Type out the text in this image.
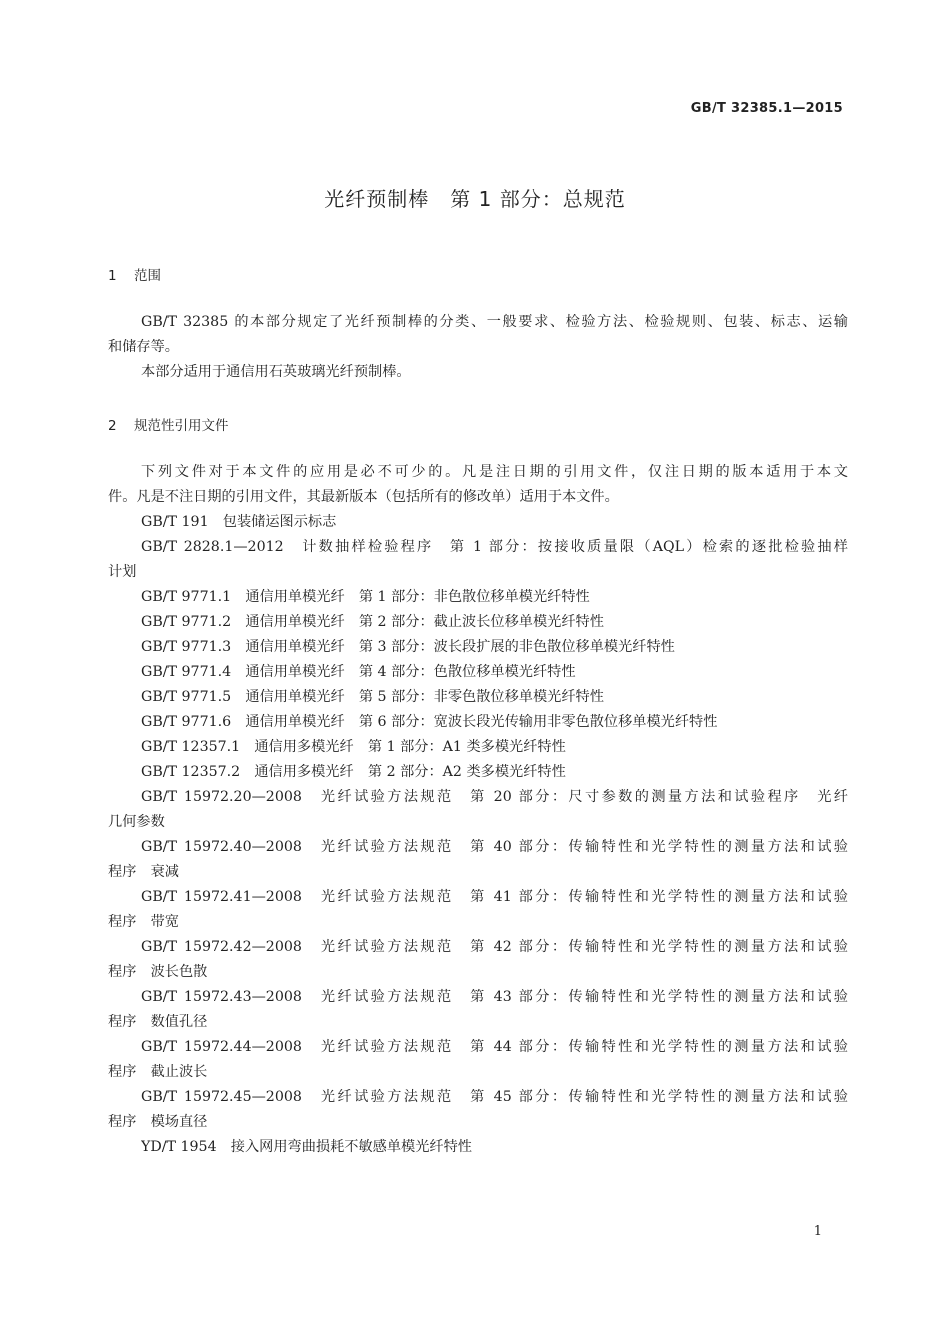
GB/T 32385.1—2015
光纤预制棒　第 1 部分：总规范
1 范围
GB/T 32385 的本部分规定了光纤预制棒的分类、一般要求、检验方法、检验规则、包装、标志、运输
和储存等。
本部分适用于通信用石英玻璃光纤预制棒。
2 规范性引用文件
下列文件对于本文件的应用是必不可少的。凡是注日期的引用文件，仅注日期的版本适用于本文
件。凡是不注日期的引用文件，其最新版本（包括所有的修改单）适用于本文件。
GB/T 191　包装储运图示标志
GB/T 2828.1—2012　计数抽样检验程序　第 1 部分：按接收质量限（AQL）检索的逐批检验抽样
计划
GB/T 9771.1　通信用单模光纤　第 1 部分：非色散位移单模光纤特性
GB/T 9771.2　通信用单模光纤　第 2 部分：截止波长位移单模光纤特性
GB/T 9771.3　通信用单模光纤　第 3 部分：波长段扩展的非色散位移单模光纤特性
GB/T 9771.4　通信用单模光纤　第 4 部分：色散位移单模光纤特性
GB/T 9771.5　通信用单模光纤　第 5 部分：非零色散位移单模光纤特性
GB/T 9771.6　通信用单模光纤　第 6 部分：宽波长段光传输用非零色散位移单模光纤特性
GB/T 12357.1　通信用多模光纤　第 1 部分：A1 类多模光纤特性
GB/T 12357.2　通信用多模光纤　第 2 部分：A2 类多模光纤特性
GB/T 15972.20—2008　光纤试验方法规范　第 20 部分：尺寸参数的测量方法和试验程序　光纤
几何参数
GB/T 15972.40—2008　光纤试验方法规范　第 40 部分：传输特性和光学特性的测量方法和试验
程序　衰减
GB/T 15972.41—2008　光纤试验方法规范　第 41 部分：传输特性和光学特性的测量方法和试验
程序　带宽
GB/T 15972.42—2008　光纤试验方法规范　第 42 部分：传输特性和光学特性的测量方法和试验
程序　波长色散
GB/T 15972.43—2008　光纤试验方法规范　第 43 部分：传输特性和光学特性的测量方法和试验
程序　数值孔径
GB/T 15972.44—2008　光纤试验方法规范　第 44 部分：传输特性和光学特性的测量方法和试验
程序　截止波长
GB/T 15972.45—2008　光纤试验方法规范　第 45 部分：传输特性和光学特性的测量方法和试验
程序　模场直径
YD/T 1954　接入网用弯曲损耗不敏感单模光纤特性
1
